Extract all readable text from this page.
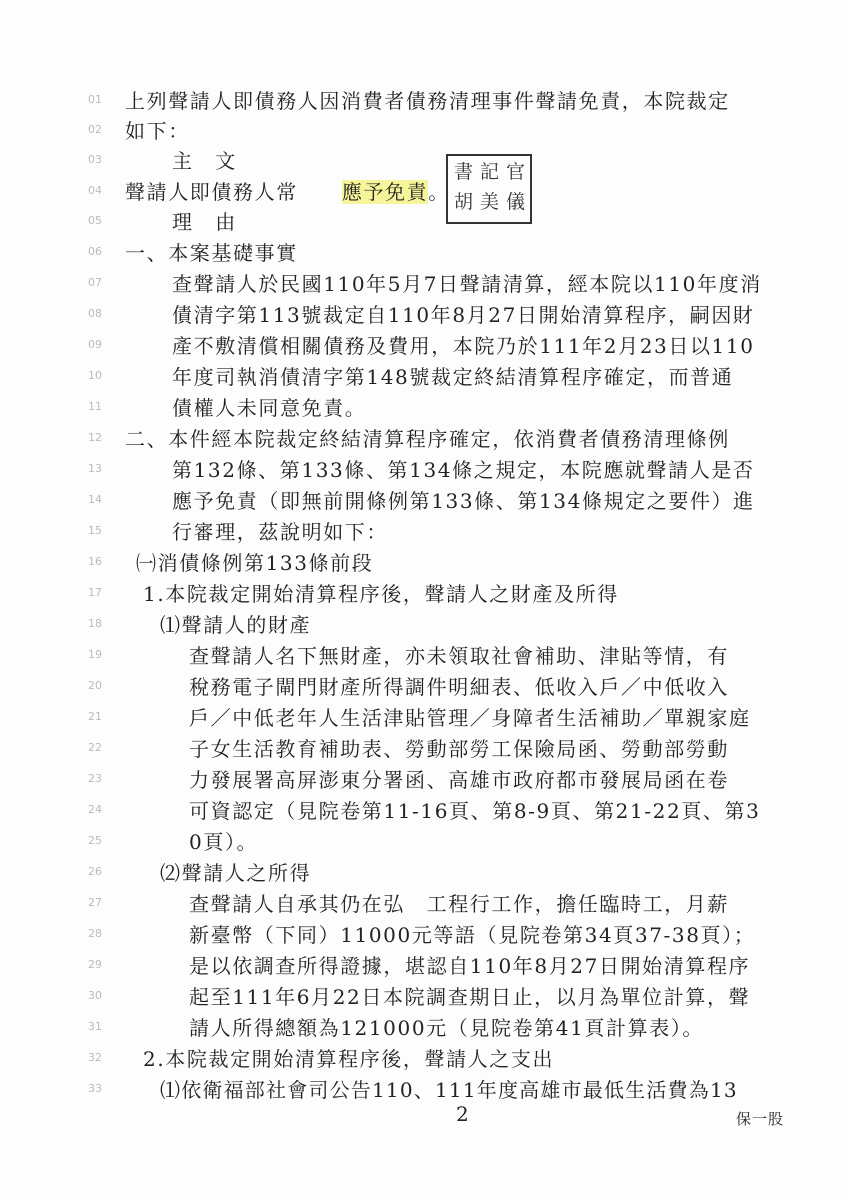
01
02
03
04
05
06
07
08
09
10
11
12
13
14
15
16
17
18
19
20
21
22
23
24
25
26
27
28
29
30
31
32
33
上列聲請人即債務人因消費者債務清理事件聲請免責，本院裁定
如下：
主　文
聲請人即債務人常 應予免責。
理　由
一、本案基礎事實
查聲請人於民國110年5月7日聲請清算，經本院以110年度消
債清字第113號裁定自110年8月27日開始清算程序，嗣因財
產不敷清償相關債務及費用，本院乃於111年2月23日以110
年度司執消債清字第148號裁定終結清算程序確定，而普通
債權人未同意免責。
二、本件經本院裁定終結清算程序確定，依消費者債務清理條例
第132條、第133條、第134條之規定，本院應就聲請人是否
應予免責（即無前開條例第133條、第134條規定之要件）進
行審理，茲說明如下：
㈠消債條例第133條前段
1.本院裁定開始清算程序後，聲請人之財產及所得
⑴聲請人的財產
查聲請人名下無財產，亦未領取社會補助、津貼等情，有
稅務電子閘門財產所得調件明細表、低收入戶／中低收入
戶／中低老年人生活津貼管理／身障者生活補助／單親家庭
子女生活教育補助表、勞動部勞工保險局函、勞動部勞動
力發展署高屏澎東分署函、高雄市政府都市發展局函在卷
可資認定（見院卷第11-16頁、第8-9頁、第21-22頁、第3
0頁）。
⑵聲請人之所得
查聲請人自承其仍在弘　工程行工作，擔任臨時工，月薪
新臺幣（下同）11000元等語（見院卷第34頁37-38頁）；
是以依調查所得證據，堪認自110年8月27日開始清算程序
起至111年6月22日本院調查期日止，以月為單位計算，聲
請人所得總額為121000元（見院卷第41頁計算表）。
2.本院裁定開始清算程序後，聲請人之支出
⑴依衛福部社會司公告110、111年度高雄市最低生活費為13
書 記 官
胡 美 儀
2	保一股
